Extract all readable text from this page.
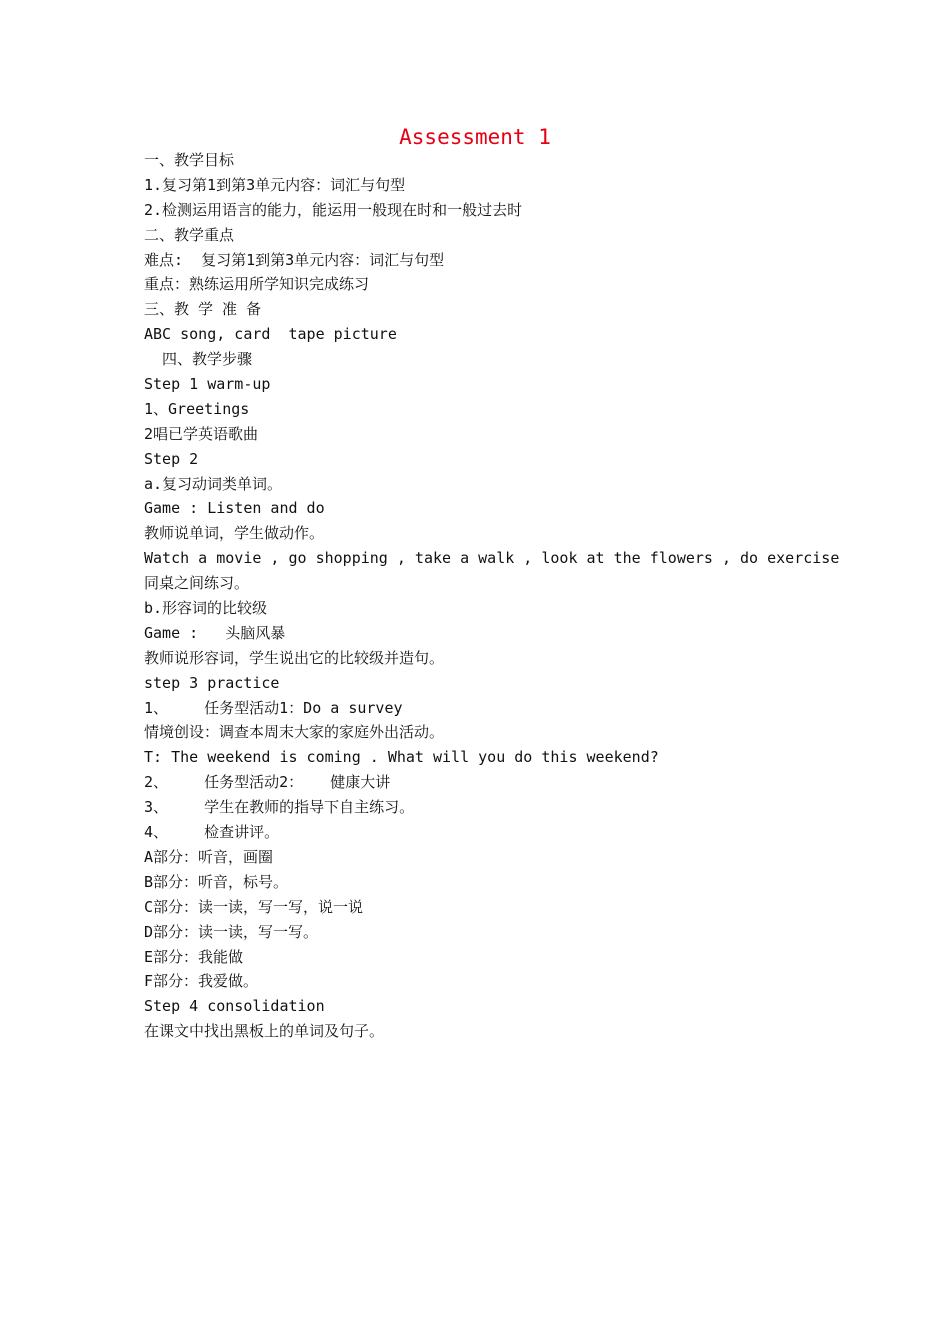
Assessment 1
一、教学目标
1.复习第1到第3单元内容：词汇与句型
2.检测运用语言的能力，能运用一般现在时和一般过去时
二、教学重点
难点:  复习第1到第3单元内容：词汇与句型
重点：熟练运用所学知识完成练习
三、教 学 准 备
ABC song, card  tape picture
四、教学步骤
Step 1 warm-up
1、Greetings
2唱已学英语歌曲
Step 2
a.复习动词类单词。
Game : Listen and do
教师说单词，学生做动作。
Watch a movie , go shopping , take a walk , look at the flowers , do exercise
同桌之间练习。
b.形容词的比较级
Game :   头脑风暴
教师说形容词，学生说出它的比较级并造句。
step 3 practice
1、    任务型活动1：Do a survey
情境创设：调查本周末大家的家庭外出活动。
T: The weekend is coming . What will you do this weekend?
2、    任务型活动2：   健康大讲
3、    学生在教师的指导下自主练习。
4、    检查讲评。
A部分：听音，画圈
B部分：听音，标号。
C部分：读一读，写一写，说一说
D部分：读一读，写一写。
E部分：我能做
F部分：我爱做。
Step 4 consolidation
在课文中找出黑板上的单词及句子。
